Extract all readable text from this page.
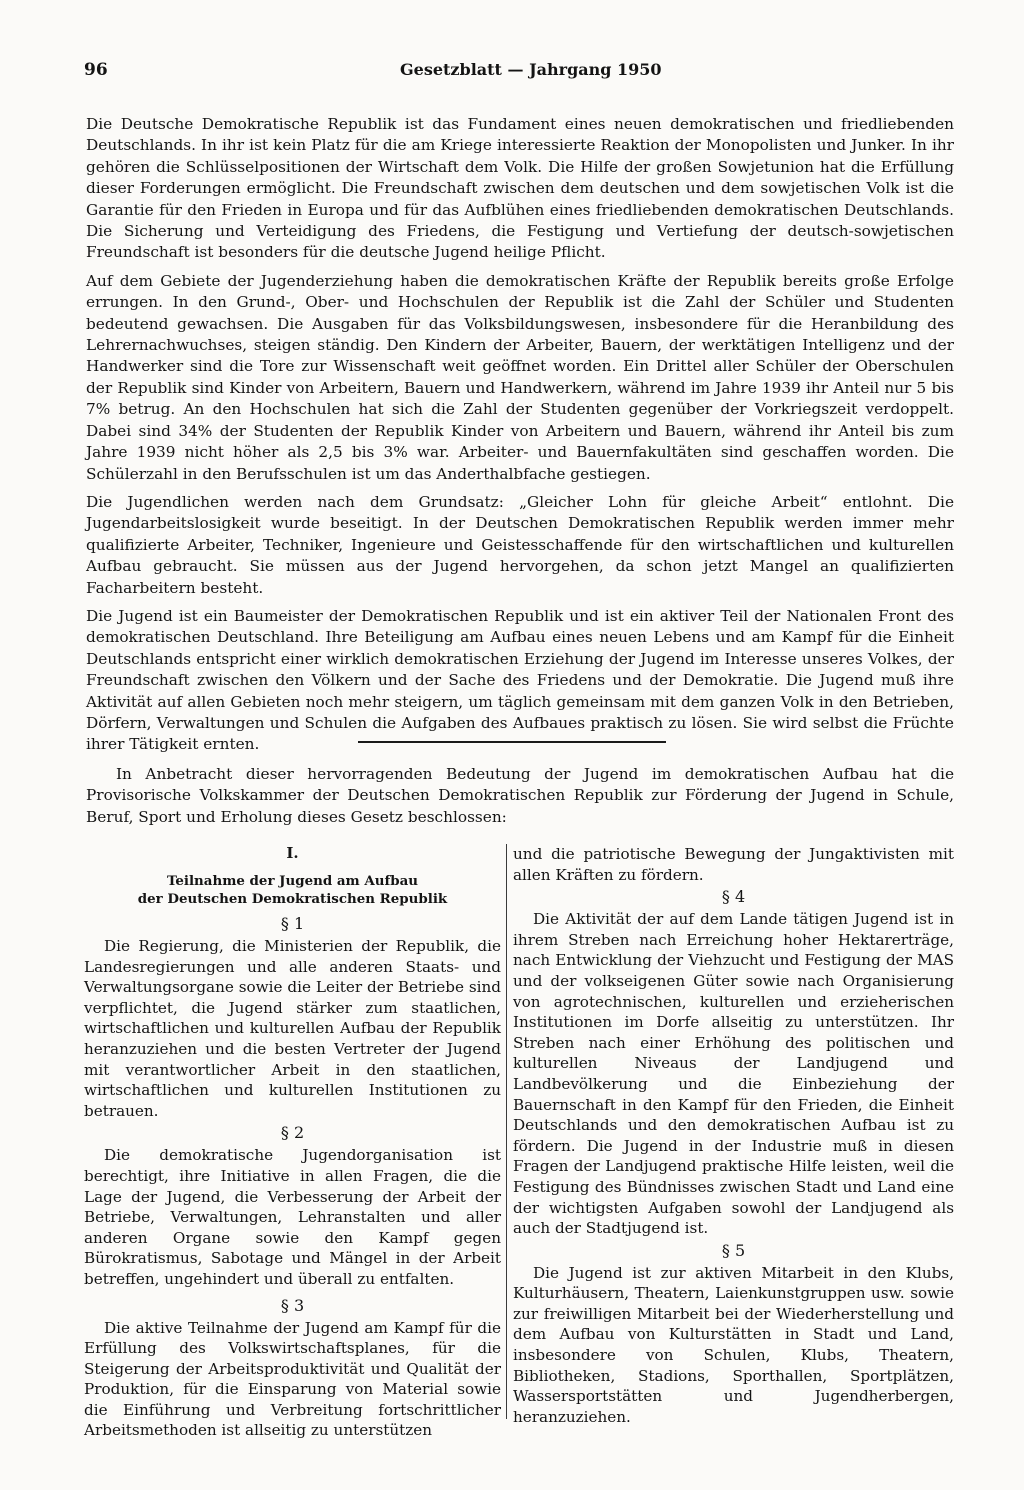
96	Gesetzblatt — Jahrgang 1950

Die Deutsche Demokratische Republik ist das Fundament eines neuen demokratischen und friedliebenden Deutschlands. In ihr ist kein Platz für die am Kriege interessierte Reaktion der Monopolisten und Junker. In ihr gehören die Schlüsselpositionen der Wirtschaft dem Volk. Die Hilfe der großen Sowjetunion hat die Erfüllung dieser Forderungen ermöglicht. Die Freundschaft zwischen dem deutschen und dem sowjetischen Volk ist die Garantie für den Frieden in Europa und für das Aufblühen eines friedliebenden demokratischen Deutschlands. Die Sicherung und Verteidigung des Friedens, die Festigung und Vertiefung der deutsch-sowjetischen Freundschaft ist besonders für die deutsche Jugend heilige Pflicht.

Auf dem Gebiete der Jugenderziehung haben die demokratischen Kräfte der Republik bereits große Erfolge errungen. In den Grund-, Ober- und Hochschulen der Republik ist die Zahl der Schüler und Studenten bedeutend gewachsen. Die Ausgaben für das Volksbildungswesen, insbesondere für die Heranbildung des Lehrernachwuchses, steigen ständig. Den Kindern der Arbeiter, Bauern, der werktätigen Intelligenz und der Handwerker sind die Tore zur Wissenschaft weit geöffnet worden. Ein Drittel aller Schüler der Oberschulen der Republik sind Kinder von Arbeitern, Bauern und Handwerkern, während im Jahre 1939 ihr Anteil nur 5 bis 7% betrug. An den Hochschulen hat sich die Zahl der Studenten gegenüber der Vorkriegszeit verdoppelt. Dabei sind 34% der Studenten der Republik Kinder von Arbeitern und Bauern, während ihr Anteil bis zum Jahre 1939 nicht höher als 2,5 bis 3% war. Arbeiter- und Bauernfakultäten sind geschaffen worden. Die Schülerzahl in den Berufsschulen ist um das Anderthalbfache gestiegen.

Die Jugendlichen werden nach dem Grundsatz: „Gleicher Lohn für gleiche Arbeit“ entlohnt. Die Jugendarbeitslosigkeit wurde beseitigt. In der Deutschen Demokratischen Republik werden immer mehr qualifizierte Arbeiter, Techniker, Ingenieure und Geistesschaffende für den wirtschaftlichen und kulturellen Aufbau gebraucht. Sie müssen aus der Jugend hervorgehen, da schon jetzt Mangel an qualifizierten Facharbeitern besteht.

Die Jugend ist ein Baumeister der Demokratischen Republik und ist ein aktiver Teil der Nationalen Front des demokratischen Deutschland. Ihre Beteiligung am Aufbau eines neuen Lebens und am Kampf für die Einheit Deutschlands entspricht einer wirklich demokratischen Erziehung der Jugend im Interesse unseres Volkes, der Freundschaft zwischen den Völkern und der Sache des Friedens und der Demokratie. Die Jugend muß ihre Aktivität auf allen Gebieten noch mehr steigern, um täglich gemeinsam mit dem ganzen Volk in den Betrieben, Dörfern, Verwaltungen und Schulen die Aufgaben des Aufbaues praktisch zu lösen. Sie wird selbst die Früchte ihrer Tätigkeit ernten.

In Anbetracht dieser hervorragenden Bedeutung der Jugend im demokratischen Aufbau hat die Provisorische Volkskammer der Deutschen Demokratischen Republik zur Förderung der Jugend in Schule, Beruf, Sport und Erholung dieses Gesetz beschlossen:

I.
Teilnahme der Jugend am Aufbau
der Deutschen Demokratischen Republik
§ 1

Die Regierung, die Ministerien der Republik, die Landesregierungen und alle anderen Staats- und Verwaltungsorgane sowie die Leiter der Betriebe sind verpflichtet, die Jugend stärker zum staatlichen, wirtschaftlichen und kulturellen Aufbau der Republik heranzuziehen und die besten Vertreter der Jugend mit verantwortlicher Arbeit in den staatlichen, wirtschaftlichen und kulturellen Institutionen zu betrauen.

§ 2

Die demokratische Jugendorganisation ist berechtigt, ihre Initiative in allen Fragen, die die Lage der Jugend, die Verbesserung der Arbeit der Betriebe, Verwaltungen, Lehranstalten und aller anderen Organe sowie den Kampf gegen Bürokratismus, Sabotage und Mängel in der Arbeit betreffen, ungehindert und überall zu entfalten.

§ 3

Die aktive Teilnahme der Jugend am Kampf für die Erfüllung des Volkswirtschaftsplanes, für die Steigerung der Arbeitsproduktivität und Qualität der Produktion, für die Einsparung von Material sowie die Einführung und Verbreitung fortschrittlicher Arbeitsmethoden ist allseitig zu unterstützen

und die patriotische Bewegung der Jungaktivisten mit allen Kräften zu fördern.

§ 4

Die Aktivität der auf dem Lande tätigen Jugend ist in ihrem Streben nach Erreichung hoher Hektarerträge, nach Entwicklung der Viehzucht und Festigung der MAS und der volkseigenen Güter sowie nach Organisierung von agrotechnischen, kulturellen und erzieherischen Institutionen im Dorfe allseitig zu unterstützen. Ihr Streben nach einer Erhöhung des politischen und kulturellen Niveaus der Landjugend und Landbevölkerung und die Einbeziehung der Bauernschaft in den Kampf für den Frieden, die Einheit Deutschlands und den demokratischen Aufbau ist zu fördern. Die Jugend in der Industrie muß in diesen Fragen der Landjugend praktische Hilfe leisten, weil die Festigung des Bündnisses zwischen Stadt und Land eine der wichtigsten Aufgaben sowohl der Landjugend als auch der Stadtjugend ist.

§ 5

Die Jugend ist zur aktiven Mitarbeit in den Klubs, Kulturhäusern, Theatern, Laienkunstgruppen usw. sowie zur freiwilligen Mitarbeit bei der Wiederherstellung und dem Aufbau von Kulturstätten in Stadt und Land, insbesondere von Schulen, Klubs, Theatern, Bibliotheken, Stadions, Sporthallen, Sportplätzen, Wassersportstätten und Jugendherbergen, heranzuziehen.
